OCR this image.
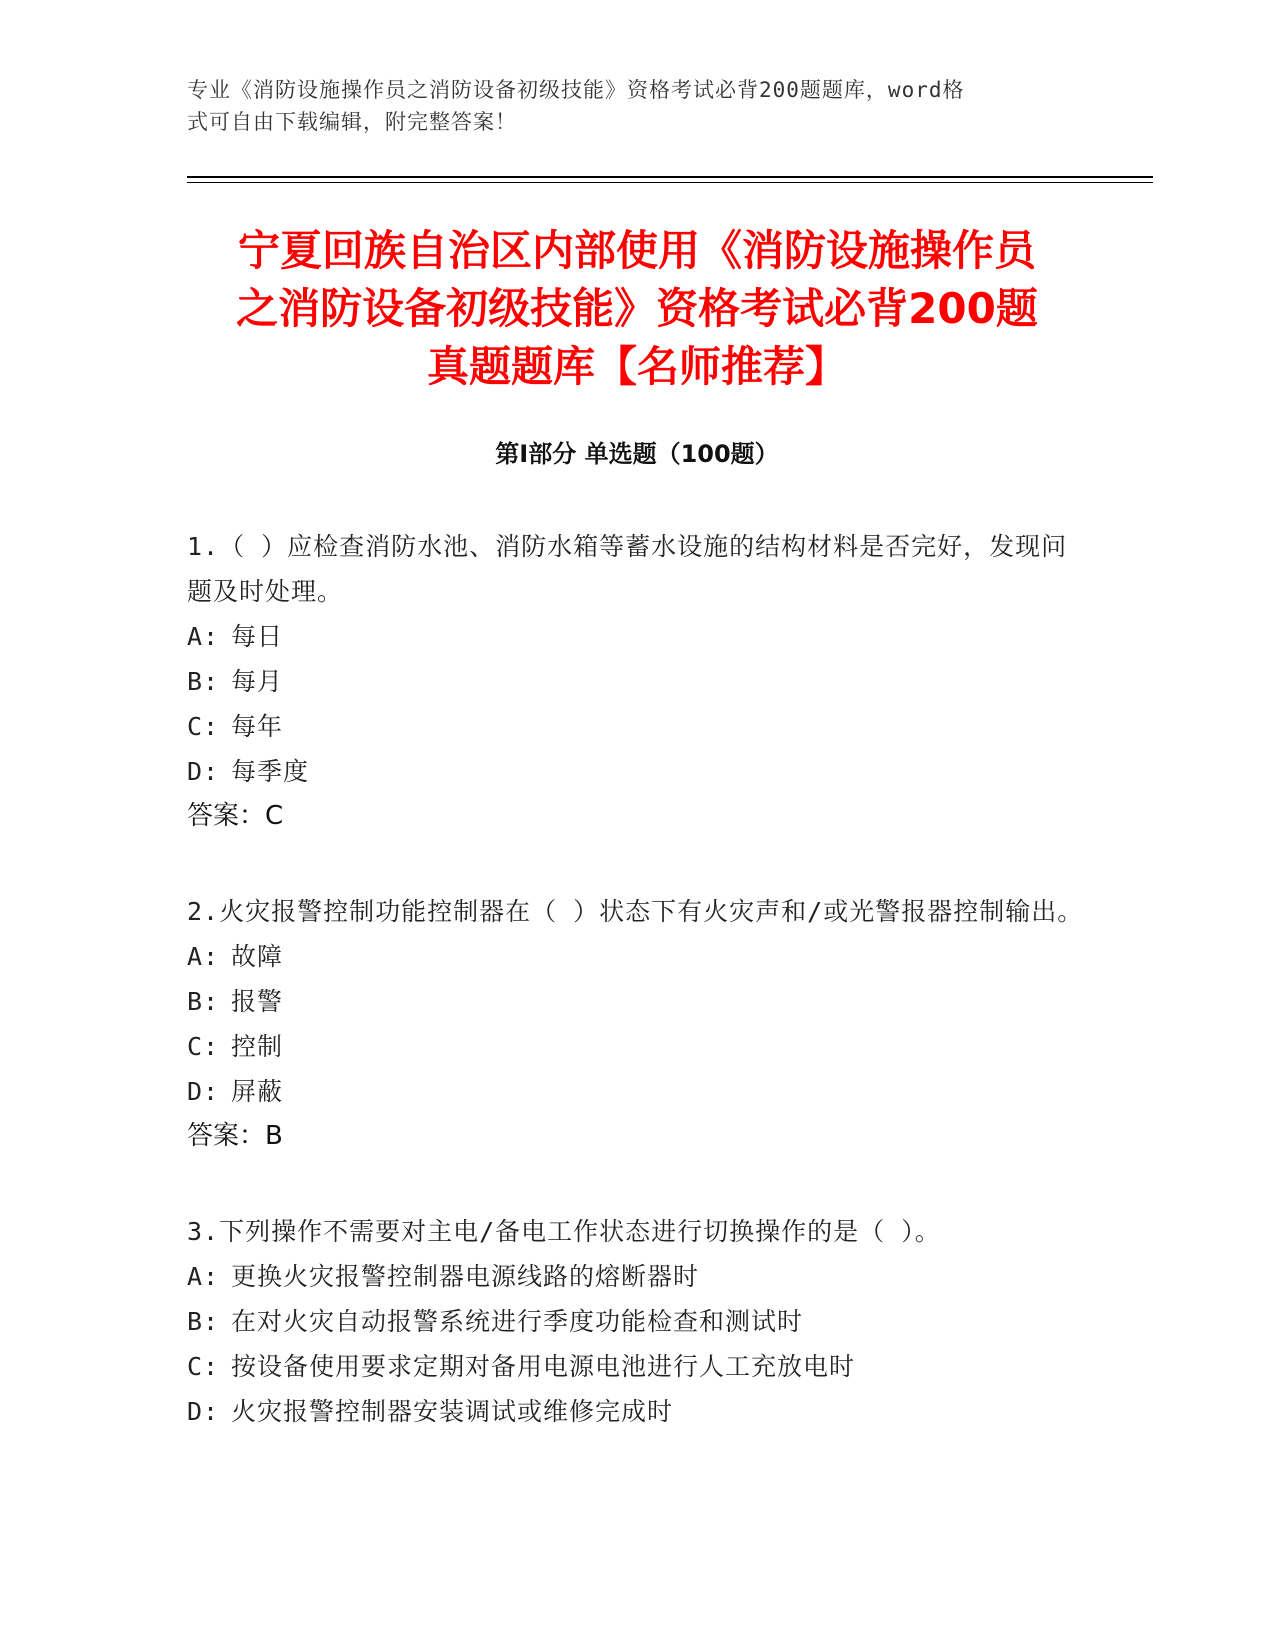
专业《消防设施操作员之消防设备初级技能》资格考试必背200题题库，word格
式可自由下载编辑，附完整答案！
宁夏回族自治区内部使用《消防设施操作员
之消防设备初级技能》资格考试必背200题
真题题库【名师推荐】
第I部分 单选题（100题）
1.（ ）应检查消防水池、消防水箱等蓄水设施的结构材料是否完好，发现问题及时处理。
A: 每日
B: 每月
C: 每年
D: 每季度
答案：C
2.火灾报警控制功能控制器在（ ）状态下有火灾声和/或光警报器控制输出。
A: 故障
B: 报警
C: 控制
D: 屏蔽
答案：B
3.下列操作不需要对主电/备电工作状态进行切换操作的是（ ）。
A: 更换火灾报警控制器电源线路的熔断器时
B: 在对火灾自动报警系统进行季度功能检查和测试时
C: 按设备使用要求定期对备用电源电池进行人工充放电时
D: 火灾报警控制器安装调试或维修完成时
